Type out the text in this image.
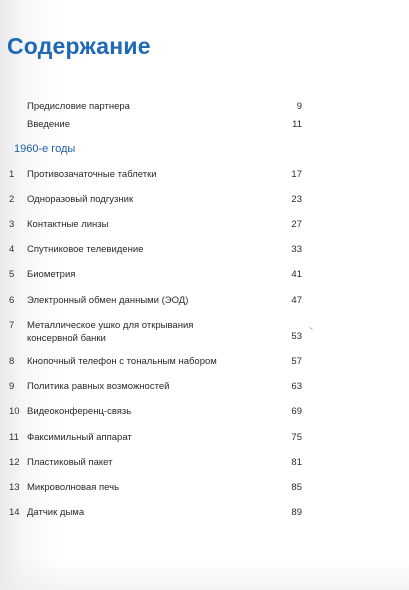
Содержание
Предисловие партнера	9
Введение	11
1960-е годы
1	Противозачаточные таблетки	17
2	Одноразовый подгузник	23
3	Контактные линзы	27
4	Спутниковое телевидение	33
5	Биометрия	41
6	Электронный обмен данными (ЭОД)	47
7	Металлическое ушко для открывания консервной банки	53
8	Кнопочный телефон с тональным набором	57
9	Политика равных возможностей	63
10 Видеоконференц-связь	69
11 Факсимильный аппарат	75
12 Пластиковый пакет	81
13 Микроволновая печь	85
14 Датчик дыма	89
